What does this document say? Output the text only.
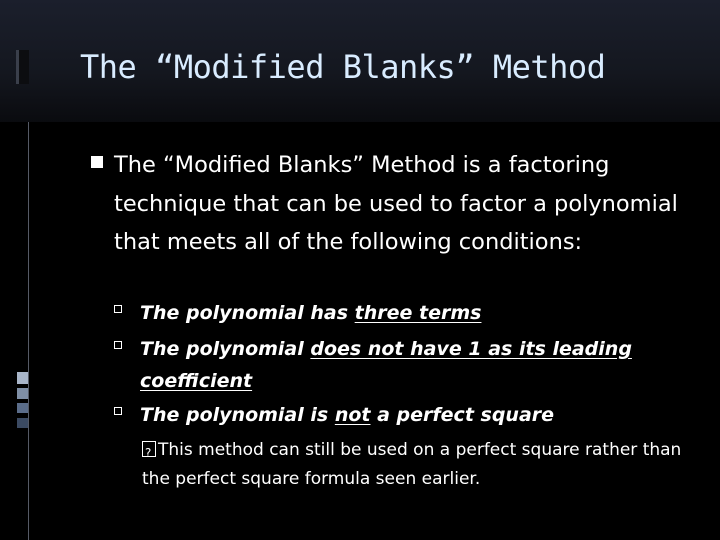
The “Modified Blanks” Method
The “Modified Blanks” Method is a factoring technique that can be used to factor a polynomial that meets all of the following conditions:
The polynomial has three terms
The polynomial does not have 1 as its leading coefficient
The polynomial is not a perfect square
?This method can still be used on a perfect square rather than the perfect square formula seen earlier.
